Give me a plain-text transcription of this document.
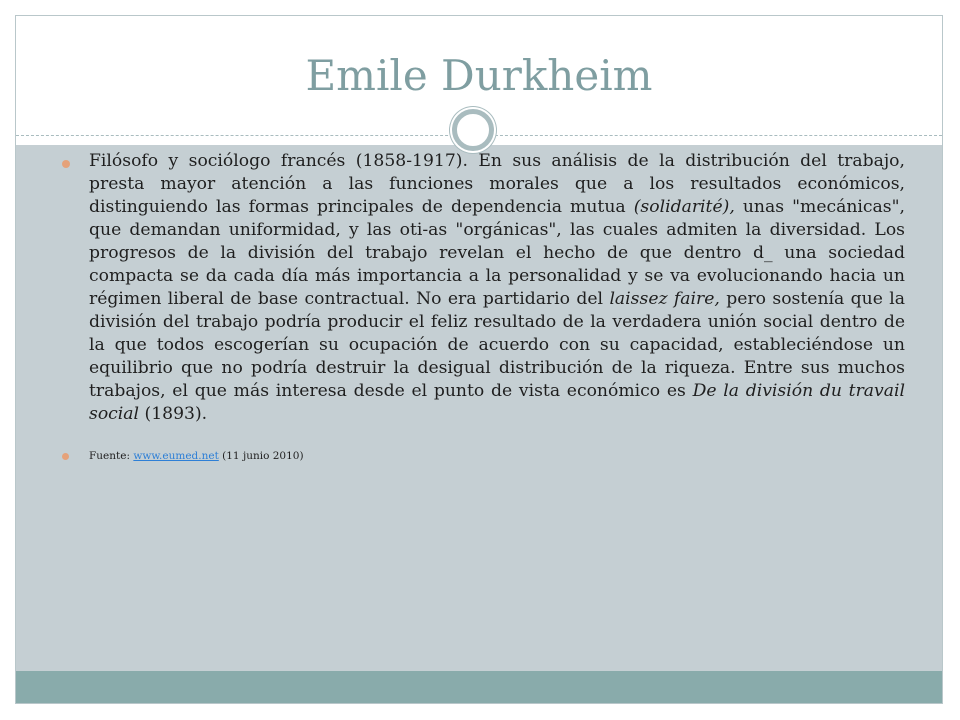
Emile Durkheim
Filósofo y sociólogo francés (1858-1917). En sus análisis de la distribución del trabajo, presta mayor atención a las funciones morales que a los resultados económicos, distinguiendo las formas principales de dependencia mutua (solidarité), unas "mecánicas", que demandan uniformidad, y las oti-as "orgánicas", las cuales admiten la diversidad. Los progresos de la división del trabajo revelan el hecho de que dentro d_ una sociedad compacta se da cada día más importancia a la personalidad y se va evolucionando hacia un régimen liberal de base contractual. No era partidario del laissez faire, pero sostenía que la división del trabajo podría producir el feliz resultado de la verdadera unión social dentro de la que todos escogerían su ocupación de acuerdo con su capacidad, estableciéndose un equilibrio que no podría destruir la desigual distribución de la riqueza. Entre sus muchos trabajos, el que más interesa desde el punto de vista económico es De la división du travail social (1893).
Fuente: www.eumed.net (11 junio 2010)
